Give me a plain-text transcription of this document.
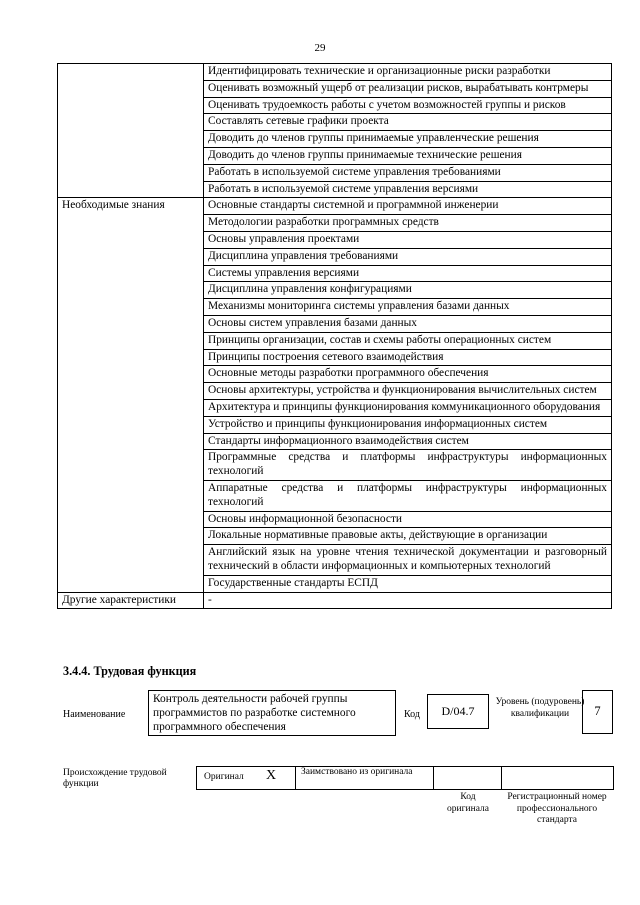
29
	Идентифицировать технические и организационные риски разработки
	Оценивать возможный ущерб от реализации рисков, вырабатывать контрмеры
	Оценивать трудоемкость работы с учетом возможностей группы и рисков
	Составлять сетевые графики проекта
	Доводить до членов группы принимаемые управленческие решения
	Доводить до членов группы принимаемые технические решения
	Работать в используемой системе управления требованиями
	Работать в используемой системе управления версиями
Необходимые знания	Основные стандарты системной и программной инженерии
	Методологии разработки программных средств
	Основы управления проектами
	Дисциплина управления требованиями
	Системы управления версиями
	Дисциплина управления конфигурациями
	Механизмы мониторинга системы управления базами данных
	Основы систем управления базами данных
	Принципы организации, состав и схемы работы операционных систем
	Принципы построения сетевого взаимодействия
	Основные методы разработки программного обеспечения
	Основы архитектуры, устройства и функционирования вычислительных систем
	Архитектура и принципы функционирования коммуникационного оборудования
	Устройство и принципы функционирования информационных систем
	Стандарты информационного взаимодействия систем
	Программные средства и платформы инфраструктуры информационных технологий
	Аппаратные средства и платформы инфраструктуры информационных технологий
	Основы информационной безопасности
	Локальные нормативные правовые акты, действующие в организации
	Английский язык на уровне чтения технической документации и разговорный технический в области информационных и компьютерных технологий
	Государственные стандарты ЕСПД
Другие характеристики	-
3.4.4. Трудовая функция
Наименование
Контроль деятельности рабочей группы программистов по разработке системного программного обеспечения
Код	D/04.7
Уровень (подуровень) квалификации	7
Происхождение трудовой функции
Оригинал X	Заимствовано из оригинала
Код оригинала
Регистрационный номер профессионального стандарта
